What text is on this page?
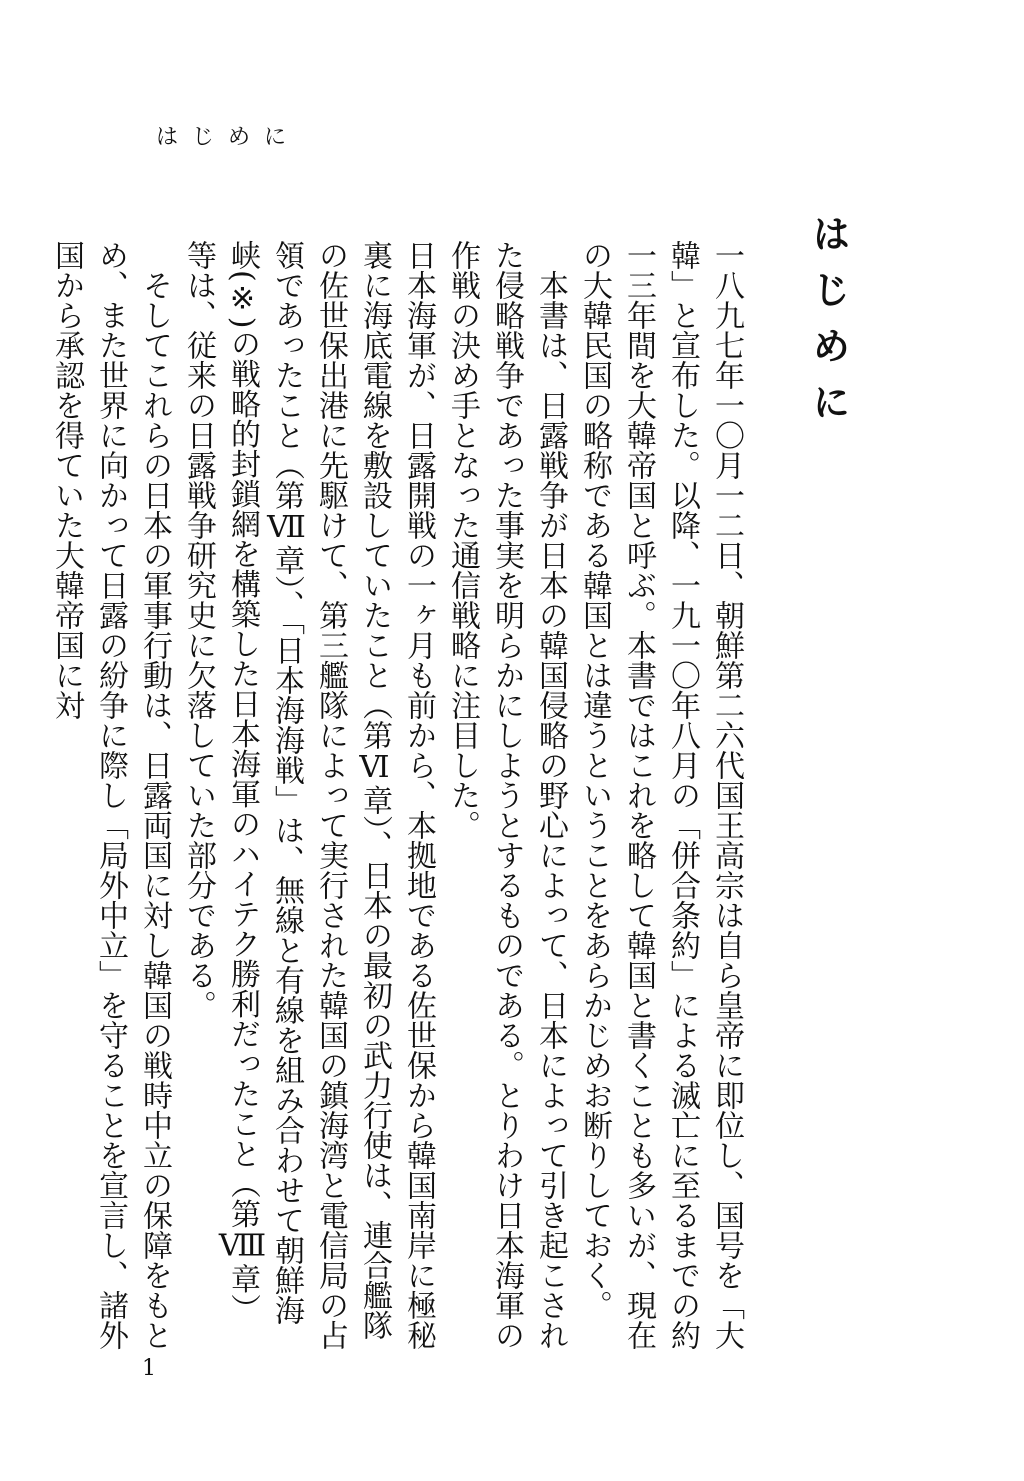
はじめに
はじめに

一八九七年一〇月一二日、朝鮮第二六代国王高宗は自ら皇帝に即位し、国号を「大韓」と宣布した。以降、一九一〇年八月の「併合条約」による滅亡に至るまでの約一三年間を大韓帝国と呼ぶ。本書ではこれを略して韓国と書くことも多いが、現在の大韓民国の略称である韓国とは違うということをあらかじめお断りしておく。

本書は、日露戦争が日本の韓国侵略の野心によって、日本によって引き起こされた侵略戦争であった事実を明らかにしようとするものである。とりわけ日本海軍の作戦の決め手となった通信戦略に注目した。

日本海軍が、日露開戦の一ヶ月も前から、本拠地である佐世保から韓国南岸に極秘裏に海底電線を敷設していたこと（第Ⅵ章）、日本の最初の武力行使は、連合艦隊の佐世保出港に先駆けて、第三艦隊によって実行された韓国の鎮海湾と電信局の占領であったこと（第Ⅶ章）、「日本海海戦」は、無線と有線を組み合わせて朝鮮海峡(※)の戦略的封鎖網を構築した日本海軍のハイテク勝利だったこと（第Ⅷ章）等は、従来の日露戦争研究史に欠落していた部分である。

そしてこれらの日本の軍事行動は、日露両国に対し韓国の戦時中立の保障をもとめ、また世界に向かって日露の紛争に際し「局外中立」を守ることを宣言し、諸外国から承認を得ていた大韓帝国に対

1
